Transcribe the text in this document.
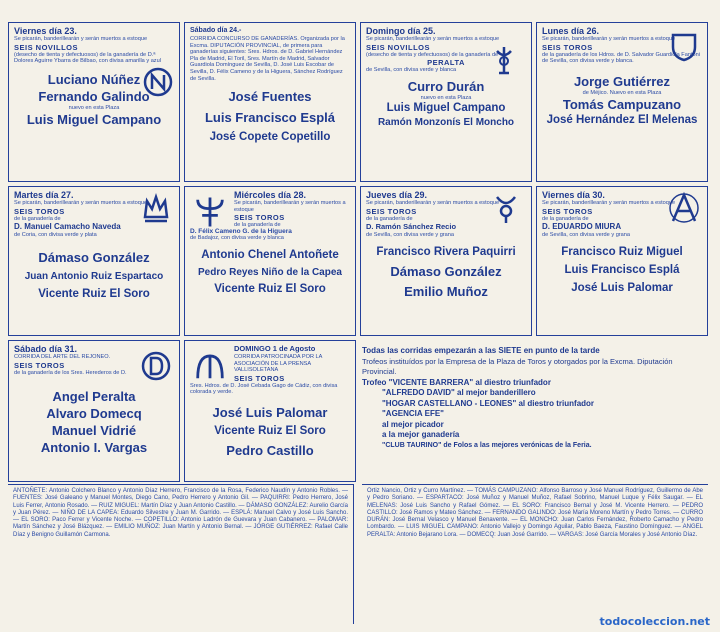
Viernes día 23.
Se picarán, banderillearán y serán muertos a estoque
SEIS NOVILLOS
(desecho de tienta y defectuosos) de la ganadería de D.ª Dolores Aguirre Ybarra de Bilbao, con divisa amarilla y azul
Luciano Núñez
Fernando Galindo
nuevo en esta Plaza
Luis Miguel Campano
Sábado día 24.-
CORRIDA CONCURSO DE GANADERÍAS. Organizada por la Excma. DIPUTACIÓN PROVINCIAL, de primera para ganaderías siguientes: Sres. Hdros. de D. Gabriel Hernández Pla de Madrid, El Toril, Sres. Martín de Madrid, Salvador Guardiola Domínguez de Sevilla, D. José Luis Escobar de Sevilla, D. Félix Cameno y de la Higuera, Sánchez Rodríguez de Sevilla.
José Fuentes
Luis Francisco Esplá
José Copete Copetillo
Domingo día 25.
Se picarán, banderillearán y serán muertos a estoque
SEIS NOVILLOS
(desecho de tienta y defectuosos) de la ganadería de
PERALTA
de Sevilla, con divisa verde y blanca
Curro Durán
nuevo en esta Plaza
Luis Miguel Campano
Ramón Monzonís El Moncho
Lunes día 26.
Se picarán, banderillearán y serán muertos a estoque
SEIS TOROS
de la ganadería de los Hdros. de D. Salvador Guardiola Fantoni de Sevilla, con divisa verde y blanca.
Jorge Gutiérrez
de Méjico. Nuevo en esta Plaza
Tomás Campuzano
José Hernández El Melenas
Martes día 27.
Se picarán, banderillearán y serán muertos a estoque
SEIS TOROS
de la ganadería de
D. Manuel Camacho Naveda
de Coria, con divisa verde y plata
Dámaso González
Juan Antonio Ruiz Espartaco
Vicente Ruiz El Soro
Miércoles día 28.
Se picarán, banderillearán y serán muertos a estoque
SEIS TOROS
de la ganadería de
D. Félix Cameno G. de la Higuera
de Badajoz, con divisa verde y blanca
Antonio Chenel Antoñete
Pedro Reyes Niño de la Capea
Vicente Ruiz El Soro
Jueves día 29.
Se picarán, banderillearán y serán muertos a estoque
SEIS TOROS
de la ganadería de
D. Ramón Sánchez Recio
de Sevilla, con divisa verde y grana
Francisco Rivera Paquirri
Dámaso González
Emilio Muñoz
Viernes día 30.
Se picarán, banderillearán y serán muertos a estoque
SEIS TOROS
de la ganadería de
D. EDUARDO MIURA
de Sevilla, con divisa verde y grana
Francisco Ruiz Miguel
Luis Francisco Esplá
José Luis Palomar
Sábado día 31.
CORRIDA DEL ARTE DEL REJONEO.
SEIS TOROS
de la ganadería de los Sres. Herederos de D.
Angel Peralta
Alvaro Domecq
Manuel Vidrié
Antonio I. Vargas
DOMINGO 1 de Agosto
CORRIDA PATROCINADA POR LA ASOCIACIÓN DE LA PRENSA VALLISOLETANA
SEIS TOROS
Sres. Hdros. de D. José Cebada Gago de Cádiz, con divisa colorada y verde.
José Luis Palomar
Vicente Ruiz El Soro
Pedro Castillo
Todas las corridas empezarán a las SIETE en punto de la tarde
Trofeos instituídos por la Empresa de la Plaza de Toros y otorgados por la Excma. Diputación Provincial.
Trofeo "VICENTE BARRERA" al diestro triunfador
"ALFREDO DAVID" al mejor banderillero
"HOGAR CASTELLANO - LEONES" al diestro triunfador
"AGENCIA EFE"
al mejor picador
a la mejor ganadería
"CLUB TAURINO" de Folos a las mejores verónicas de la Feria.
ANTOÑETE: Antonio Colchero Blanco y Antonio Díaz Herrero, Francisco de la Rosa, Federico Naudín y Antonio Robles. — FUENTES: José Galeano y Manuel Montes, Diego Cano, Pedro Herrero y Antonio Gil. — PAQUIRRI: Pedro Herrero, José Luis Ferrer, Antonio Rosado. — RUIZ MIGUEL: Martín Díaz y Juan Antonio Castillo. — DÁMASO GONZÁLEZ: Aurelio García y Juan Pérez. — NIÑO DE LA CAPEA: Eduardo Silvestre y Juan M. Garrido. — ESPLÁ: Manuel Calvo y José Luis Sancho. — EL SORO: Paco Ferrer y Vicente Noche. — COPETILLO: Antonio Ladrón de Guevara y Juan Cabanero. — PALOMAR: Martín Sánchez y José Blázquez. — EMILIO MUÑOZ: Juan Martín y Antonio Bernal. — JORGE GUTIÉRREZ: Rafael Calle Díaz y Benigno Guillamón Carmona.
Ortiz Nancio, Ortiz y Curro Martínez. — TOMÁS CAMPUZANO: Alfonso Barroso y José Manuel Rodríguez, Guillermo de Abe y Pedro Soriano. — ESPARTACO: José Muñoz y Manuel Muñoz, Rafael Sobrino, Manuel Luque y Félix Saugar. — EL MELENAS: José Luis Sancho y Rafael Gómez. — EL SORO: Francisco Bernal y José M. Vicente Herrero. — PEDRO CASTILLO: José Ramos y Mateo Sánchez. — FERNANDO GALINDO: José María Moreno Martín y Pedro Torres. — CURRO DURÁN: José Bernal Velasco y Manuel Benavente. — EL MONCHO: Juan Carlos Fernández, Roberto Camacho y Pedro Lombardo. — LUIS MIGUEL CAMPANO: Antonio Vallejo y Domingo Aguilar, Pablo Baeza, Faustino Domínguez. — ANGEL PERALTA: Antonio Bejarano Lora. — DOMECQ: Juan José Garrido. — VARGAS: José García Morales y José Antonio Díaz.
todocoleccion.net
